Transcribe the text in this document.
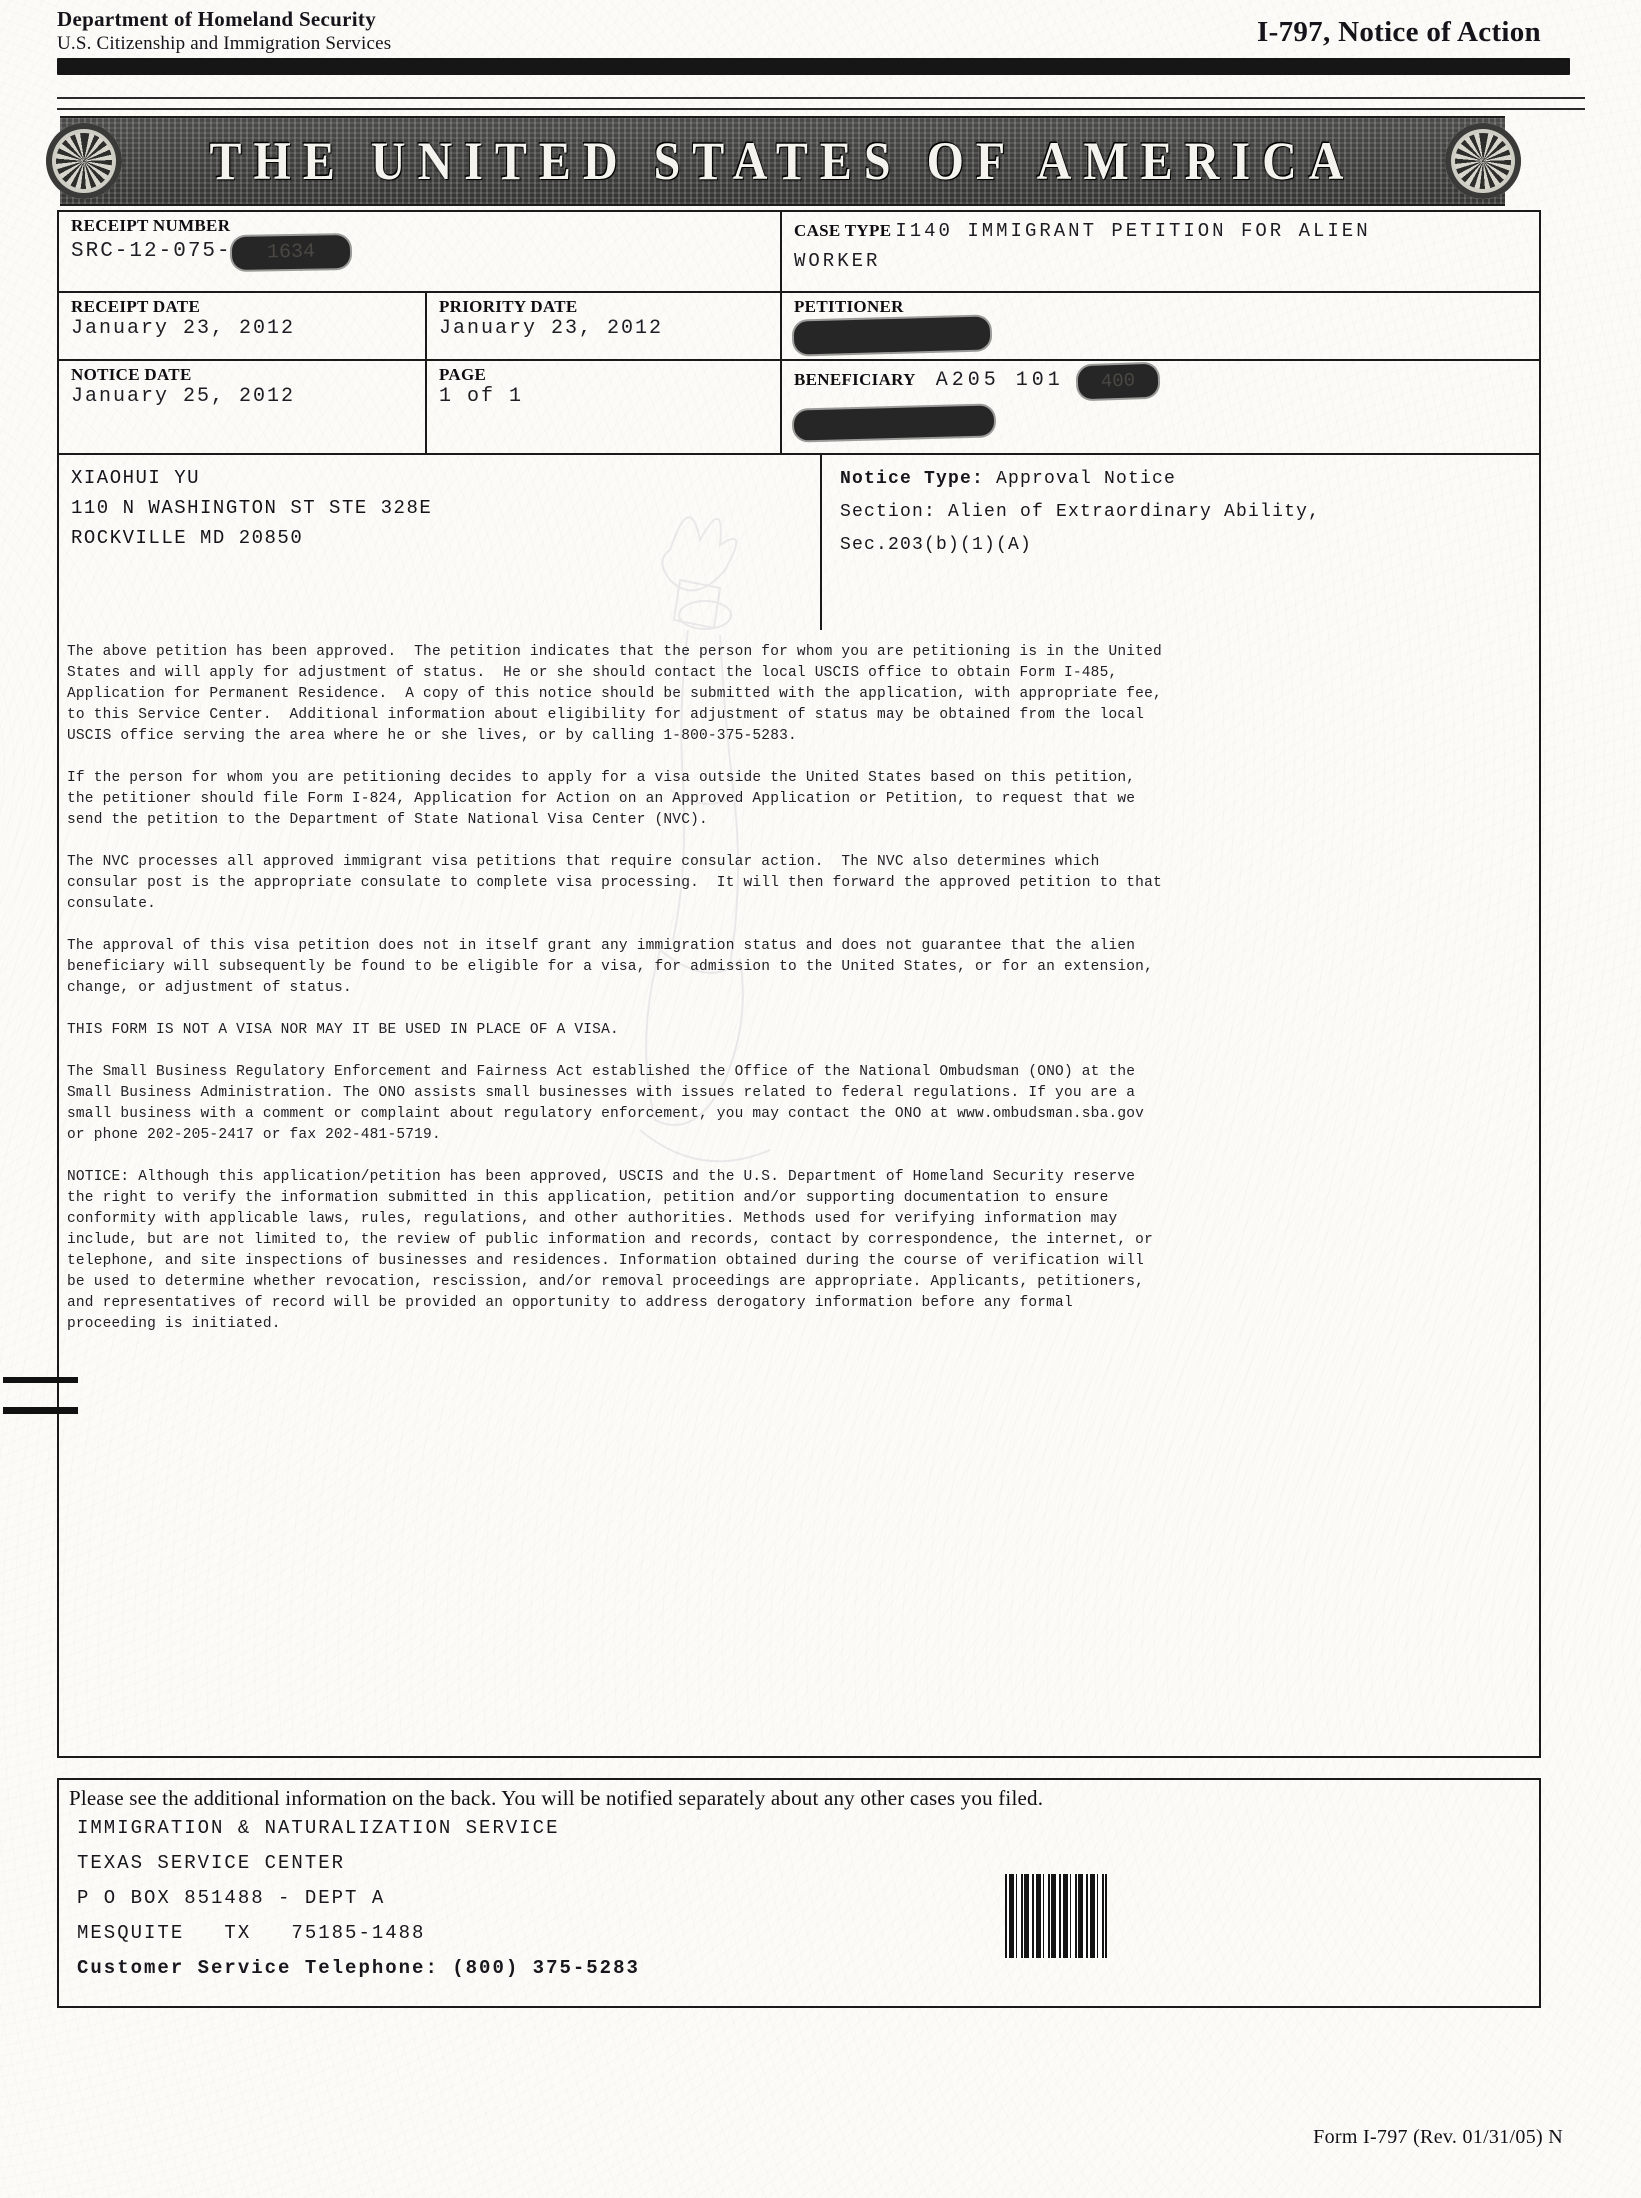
Department of Homeland Security
U.S. Citizenship and Immigration Services	I-797, Notice of Action
THE UNITED STATES OF AMERICA
RECEIPT NUMBER
SRC-12-075- 1634
CASE TYPE I140 IMMIGRANT PETITION FOR ALIEN WORKER
RECEIPT DATE
January 23, 2012
PRIORITY DATE
January 23, 2012
PETITIONER
NOTICE DATE
January 25, 2012
PAGE
1 of 1
BENEFICIARY A205 101 400
XIAOHUI YU
110 N WASHINGTON ST STE 328E
ROCKVILLE MD 20850
Notice Type: Approval Notice
Section: Alien of Extraordinary Ability,
Sec.203(b)(1)(A)

The above petition has been approved.  The petition indicates that the person for whom you are petitioning is in the United States and will apply for adjustment of status.  He or she should contact the local USCIS office to obtain Form I-485, Application for Permanent Residence.  A copy of this notice should be submitted with the application, with appropriate fee, to this Service Center.  Additional information about eligibility for adjustment of status may be obtained from the local USCIS office serving the area where he or she lives, or by calling 1-800-375-5283.

If the person for whom you are petitioning decides to apply for a visa outside the United States based on this petition, the petitioner should file Form I-824, Application for Action on an Approved Application or Petition, to request that we send the petition to the Department of State National Visa Center (NVC).

The NVC processes all approved immigrant visa petitions that require consular action.  The NVC also determines which consular post is the appropriate consulate to complete visa processing.  It will then forward the approved petition to that consulate.

The approval of this visa petition does not in itself grant any immigration status and does not guarantee that the alien beneficiary will subsequently be found to be eligible for a visa, for admission to the United States, or for an extension, change, or adjustment of status.

THIS FORM IS NOT A VISA NOR MAY IT BE USED IN PLACE OF A VISA.

The Small Business Regulatory Enforcement and Fairness Act established the Office of the National Ombudsman (ONO) at the Small Business Administration. The ONO assists small businesses with issues related to federal regulations. If you are a small business with a comment or complaint about regulatory enforcement, you may contact the ONO at www.ombudsman.sba.gov or phone 202-205-2417 or fax 202-481-5719.

NOTICE: Although this application/petition has been approved, USCIS and the U.S. Department of Homeland Security reserve the right to verify the information submitted in this application, petition and/or supporting documentation to ensure conformity with applicable laws, rules, regulations, and other authorities. Methods used for verifying information may include, but are not limited to, the review of public information and records, contact by correspondence, the internet, or telephone, and site inspections of businesses and residences. Information obtained during the course of verification will be used to determine whether revocation, rescission, and/or removal proceedings are appropriate. Applicants, petitioners, and representatives of record will be provided an opportunity to address derogatory information before any formal proceeding is initiated.

Please see the additional information on the back. You will be notified separately about any other cases you filed.
IMMIGRATION & NATURALIZATION SERVICE
TEXAS SERVICE CENTER
P O BOX 851488 - DEPT A
MESQUITE   TX   75185-1488
Customer Service Telephone: (800) 375-5283
Form I-797 (Rev. 01/31/05) N
